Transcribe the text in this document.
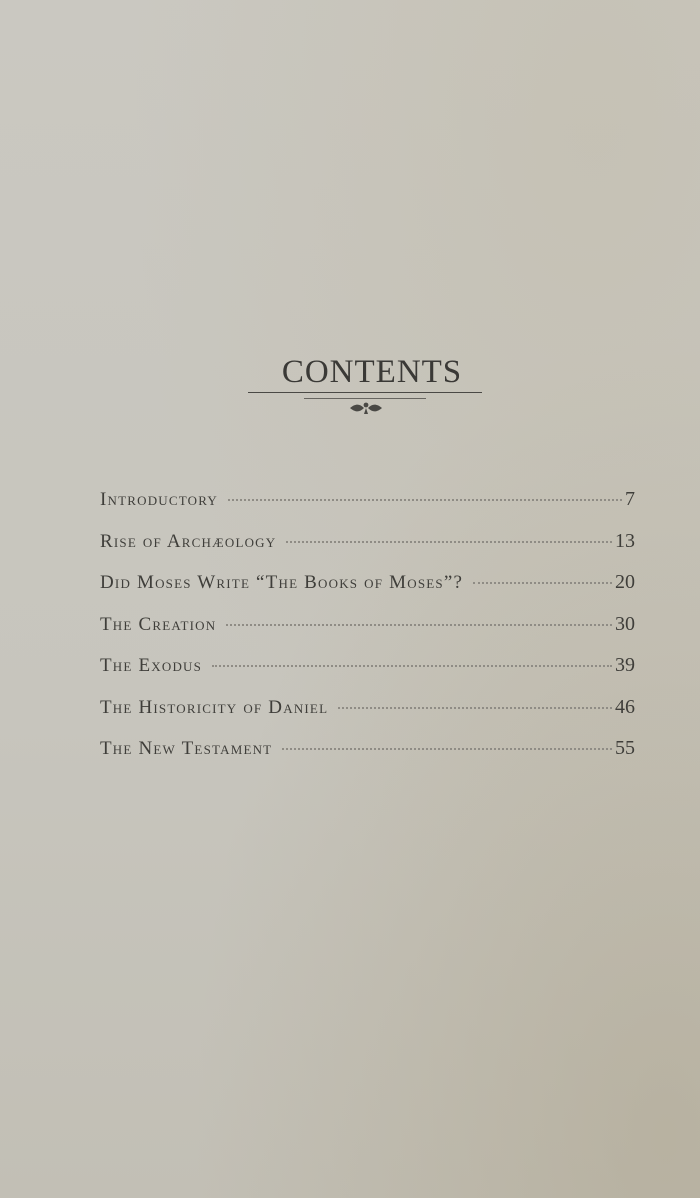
CONTENTS
Introductory	7
Rise of Archæology	13
Did Moses Write “The Books of Moses”?	20
The Creation	30
The Exodus	39
The Historicity of Daniel	46
The New Testament	55
